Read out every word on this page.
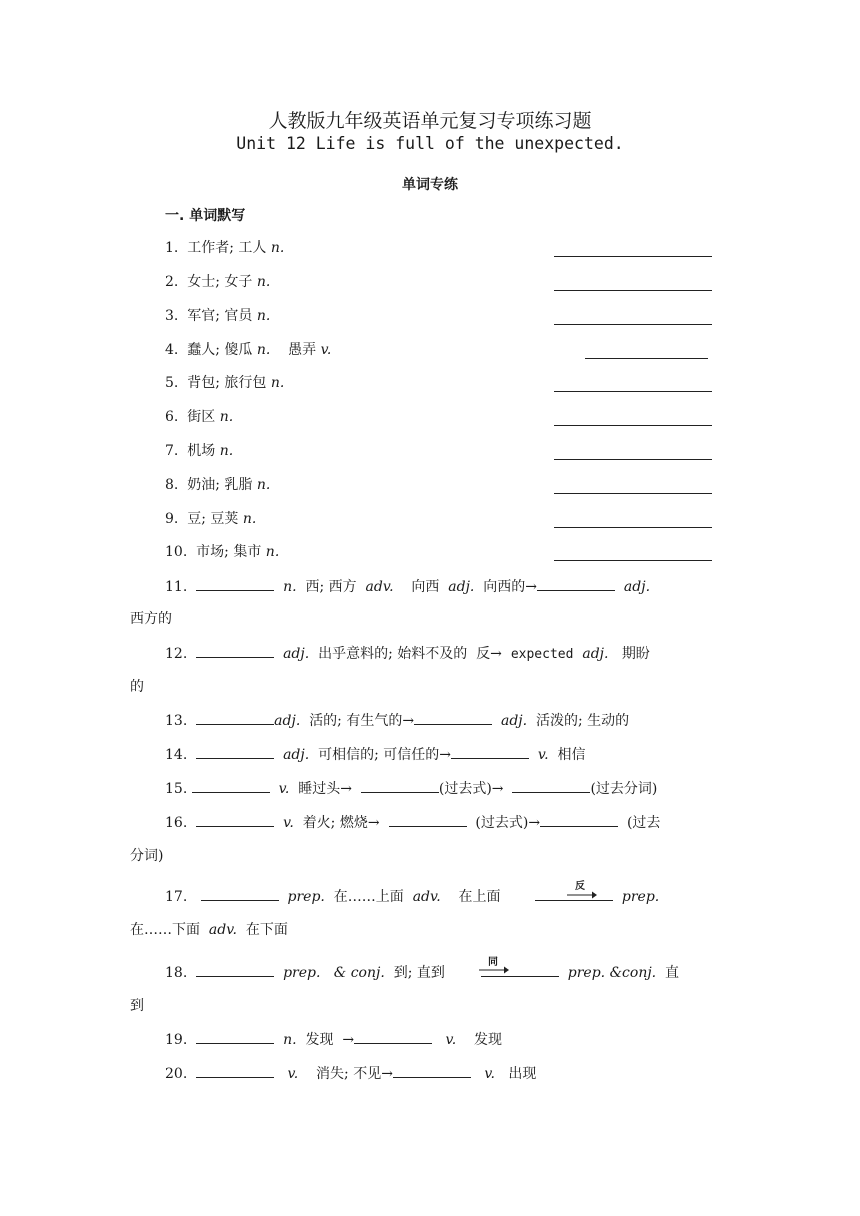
人教版九年级英语单元复习专项练习题
Unit 12 Life is full of the unexpected.
单词专练
一. 单词默写
1. 工作者; 工人 n.
2. 女士; 女子 n.
3. 军官; 官员 n.
4. 蠢人; 傻瓜 n. 愚弄 v.
5. 背包; 旅行包 n.
6. 街区 n.
7. 机场 n.
8. 奶油; 乳脂 n.
9. 豆; 豆荚 n.
10. 市场; 集市 n.
11.	n. 西; 西方 adv. 向西 adj. 向西的→	adj.
西方的
12.	adj. 出乎意料的; 始料不及的 反→ expected adj. 期盼
的
13.	adj. 活的; 有生气的→	adj. 活泼的; 生动的
14.	adj. 可相信的; 可信任的→	v. 相信
15.	v. 睡过头→	(过去式)→	(过去分词)
16.	v. 着火; 燃烧→	(过去式)→	(过去
分词)
17.	prep. 在……上面 adv. 在上面	prep.
反
在……下面 adv. 在下面
18.	prep. & conj. 到; 直到	prep. &conj. 直
同
到
19.	n. 发现 →	v. 发现
20.	v. 消失; 不见→	v. 出现
